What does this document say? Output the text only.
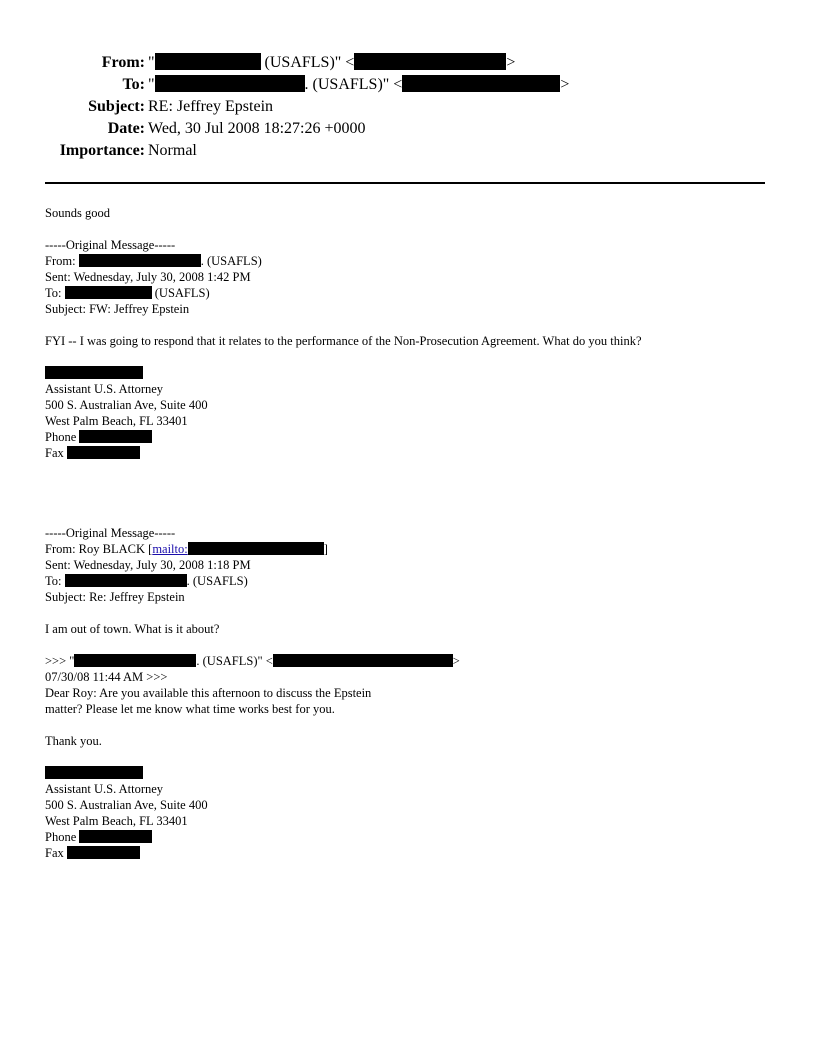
From: "	(USAFLS)" <	>
To: "	. (USAFLS)" <	>
Subject: RE: Jeffrey Epstein
Date: Wed, 30 Jul 2008 18:27:26 +0000
Importance: Normal
Sounds good
-----Original Message-----
From:	. (USAFLS)
Sent: Wednesday, July 30, 2008 1:42 PM
To:	(USAFLS)
Subject: FW: Jeffrey Epstein
FYI -- I was going to respond that it relates to the performance of the Non-Prosecution Agreement. What do you think?
Assistant U.S. Attorney
500 S. Australian Ave, Suite 400
West Palm Beach, FL 33401
Phone
Fax
-----Original Message-----
From: Roy BLACK [mailto:	]
Sent: Wednesday, July 30, 2008 1:18 PM
To:	. (USAFLS)
Subject: Re: Jeffrey Epstein
I am out of town. What is it about?
>>> "	. (USAFLS)" <	>
07/30/08 11:44 AM >>>
Dear Roy: Are you available this afternoon to discuss the Epstein
matter? Please let me know what time works best for you.
Thank you.
Assistant U.S. Attorney
500 S. Australian Ave, Suite 400
West Palm Beach, FL 33401
Phone
Fax
